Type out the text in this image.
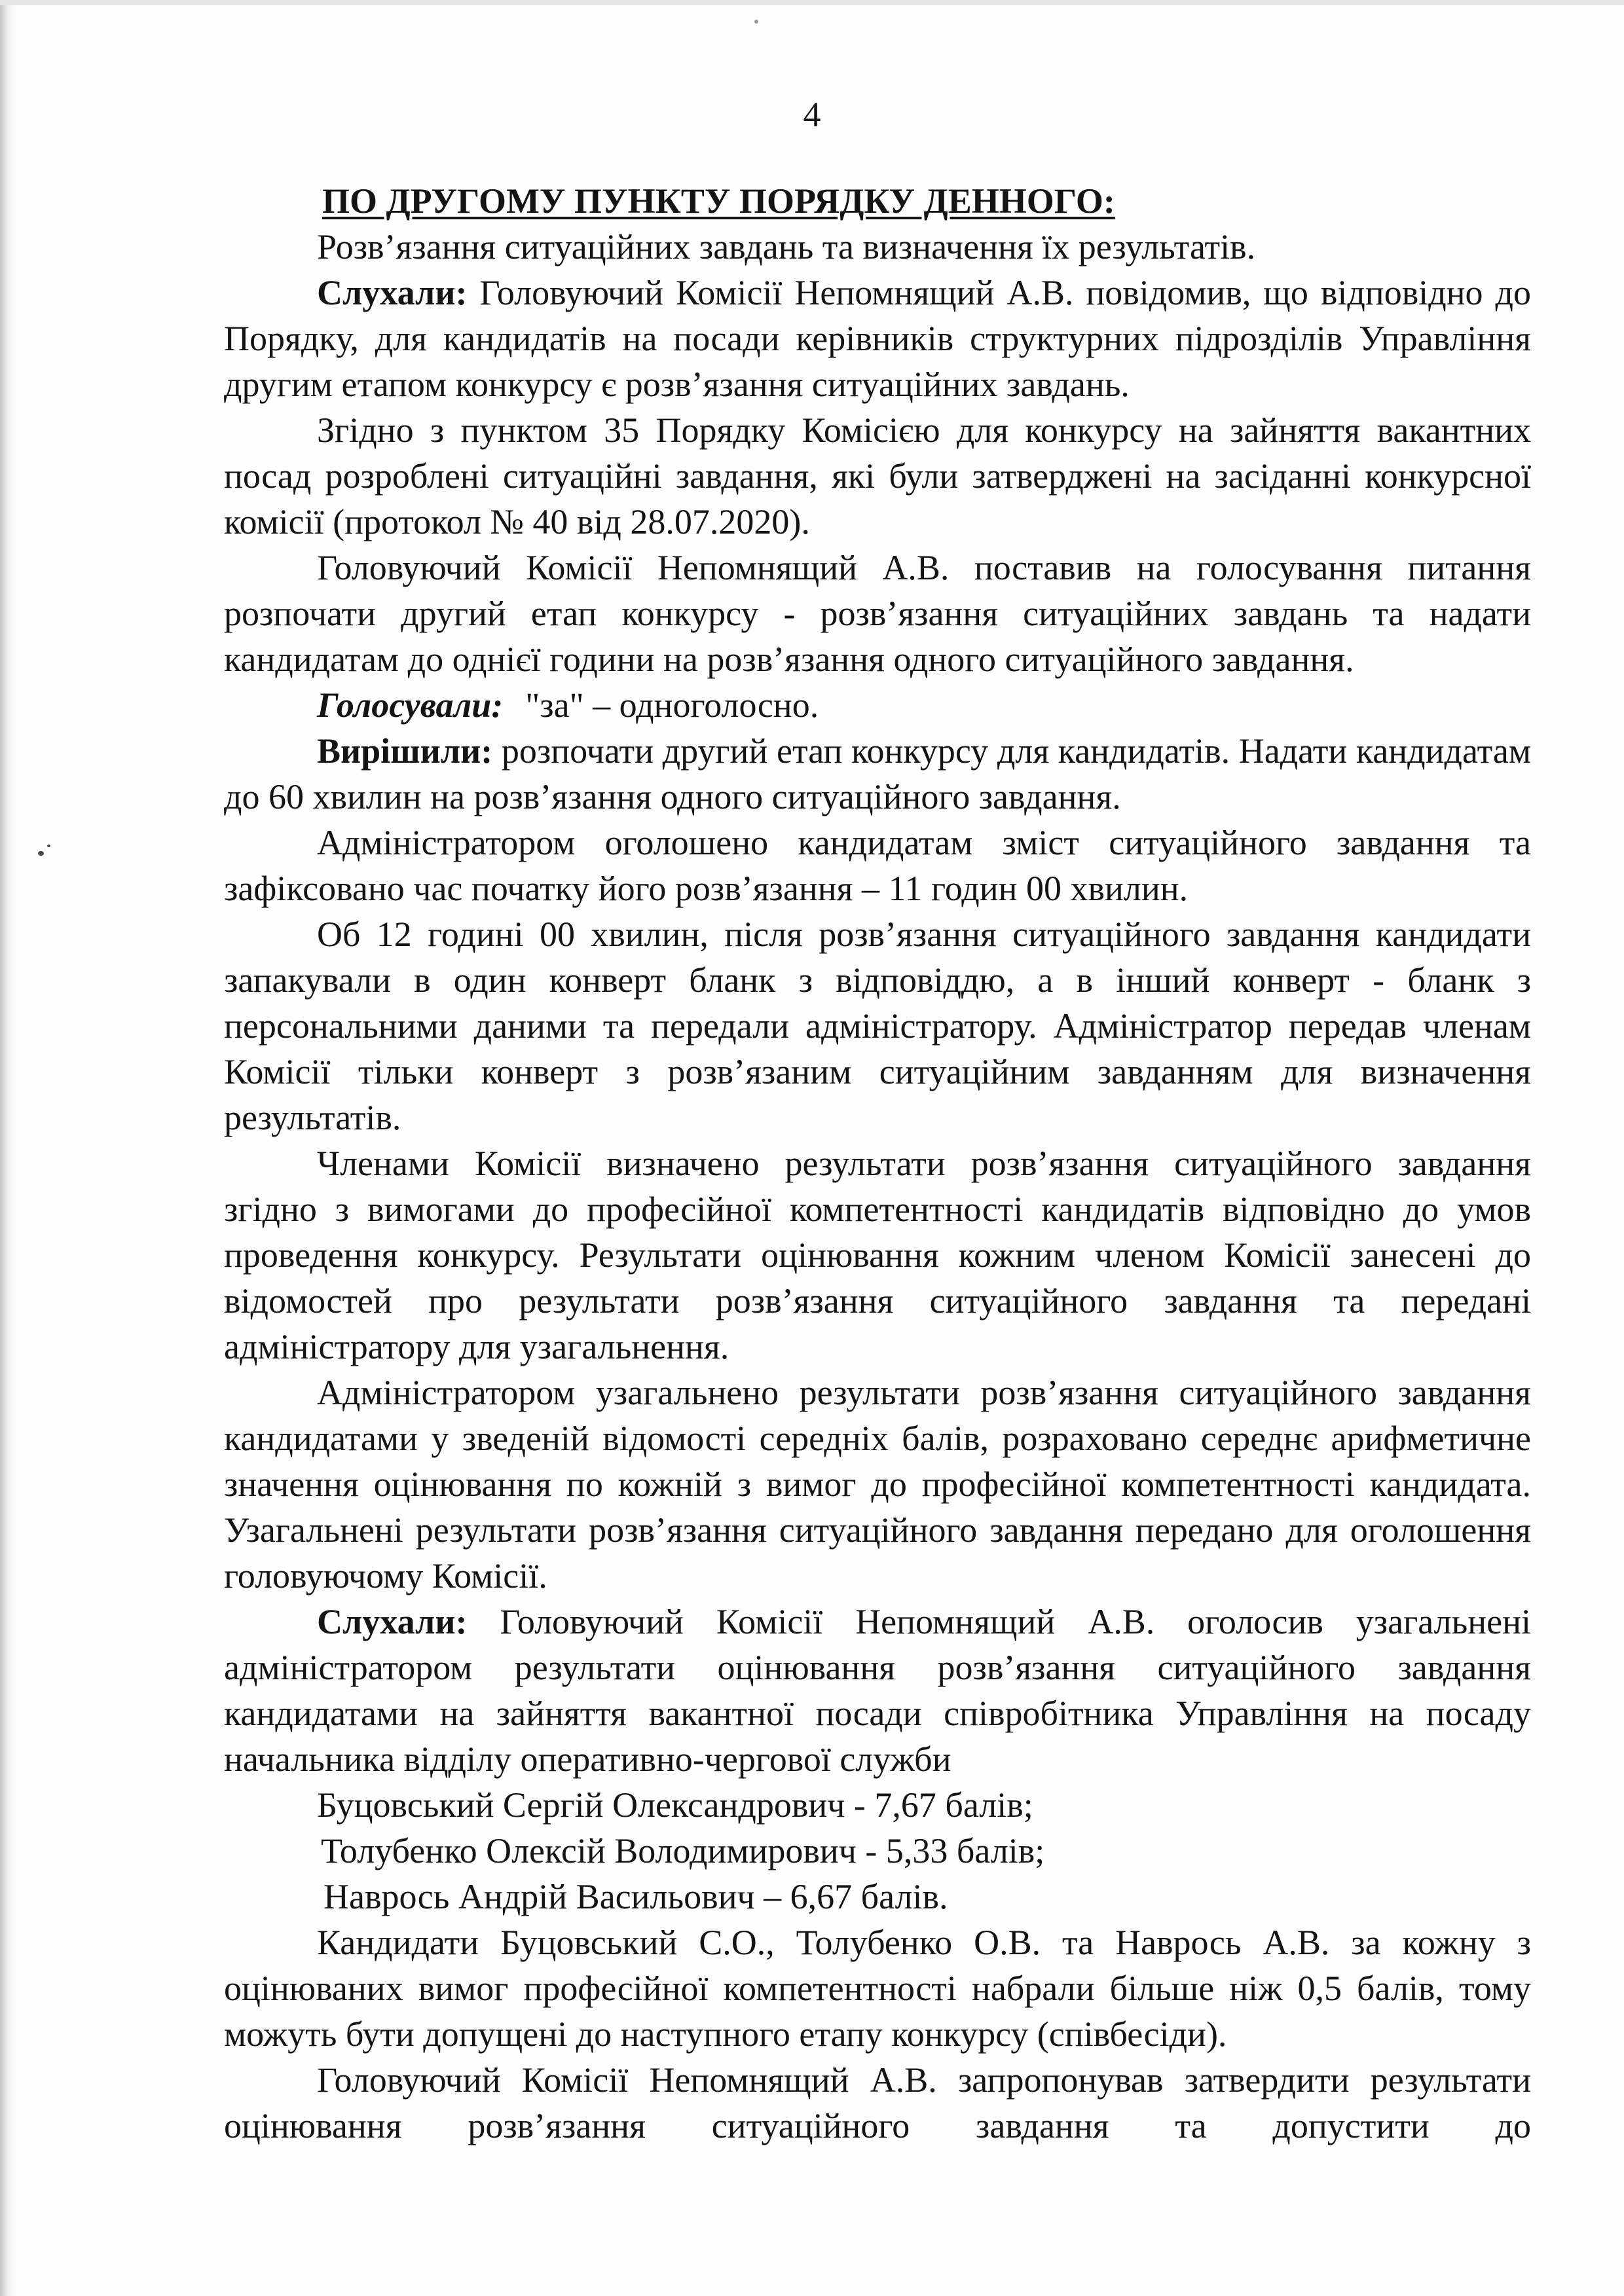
4

ПО ДРУГОМУ ПУНКТУ ПОРЯДКУ ДЕННОГО:

Розв’язання ситуаційних завдань та визначення їх результатів.

Слухали: Головуючий Комісії Непомнящий А.В. повідомив, що відповідно до Порядку, для кандидатів на посади керівників структурних підрозділів Управління другим етапом конкурсу є розв’язання ситуаційних завдань.

Згідно з пунктом 35 Порядку Комісією для конкурсу на зайняття вакантних посад розроблені ситуаційні завдання, які були затверджені на засіданні конкурсної комісії (протокол № 40 від 28.07.2020).

Головуючий Комісії Непомнящий А.В. поставив на голосування питання розпочати другий етап конкурсу - розв’язання ситуаційних завдань та надати кандидатам до однієї години на розв’язання одного ситуаційного завдання.

Голосували: "за" – одноголосно.

Вирішили: розпочати другий етап конкурсу для кандидатів. Надати кандидатам до 60 хвилин на розв’язання одного ситуаційного завдання.

Адміністратором оголошено кандидатам зміст ситуаційного завдання та зафіксовано час початку його розв’язання – 11 годин 00 хвилин.

Об 12 годині 00 хвилин, після розв’язання ситуаційного завдання кандидати запакували в один конверт бланк з відповіддю, а в інший конверт - бланк з персональними даними та передали адміністратору. Адміністратор передав членам Комісії тільки конверт з розв’язаним ситуаційним завданням для визначення результатів.

Членами Комісії визначено результати розв’язання ситуаційного завдання згідно з вимогами до професійної компетентності кандидатів відповідно до умов проведення конкурсу. Результати оцінювання кожним членом Комісії занесені до відомостей про результати розв’язання ситуаційного завдання та передані адміністратору для узагальнення.

Адміністратором узагальнено результати розв’язання ситуаційного завдання кандидатами у зведеній відомості середніх балів, розраховано середнє арифметичне значення оцінювання по кожній з вимог до професійної компетентності кандидата. Узагальнені результати розв’язання ситуаційного завдання передано для оголошення головуючому Комісії.

Слухали: Головуючий Комісії Непомнящий А.В. оголосив узагальнені адміністратором результати оцінювання розв’язання ситуаційного завдання кандидатами на зайняття вакантної посади співробітника Управління на посаду начальника відділу оперативно-чергової служби

Буцовський Сергій Олександрович - 7,67 балів;

Толубенко Олексій Володимирович - 5,33 балів;

Наврось Андрій Васильович – 6,67 балів.

Кандидати Буцовський С.О., Толубенко О.В. та Наврось А.В. за кожну з оцінюваних вимог професійної компетентності набрали більше ніж 0,5 балів, тому можуть бути допущені до наступного етапу конкурсу (співбесіди).

Головуючий Комісії Непомнящий А.В. запропонував затвердити результати оцінювання розв’язання ситуаційного завдання та допустити до
